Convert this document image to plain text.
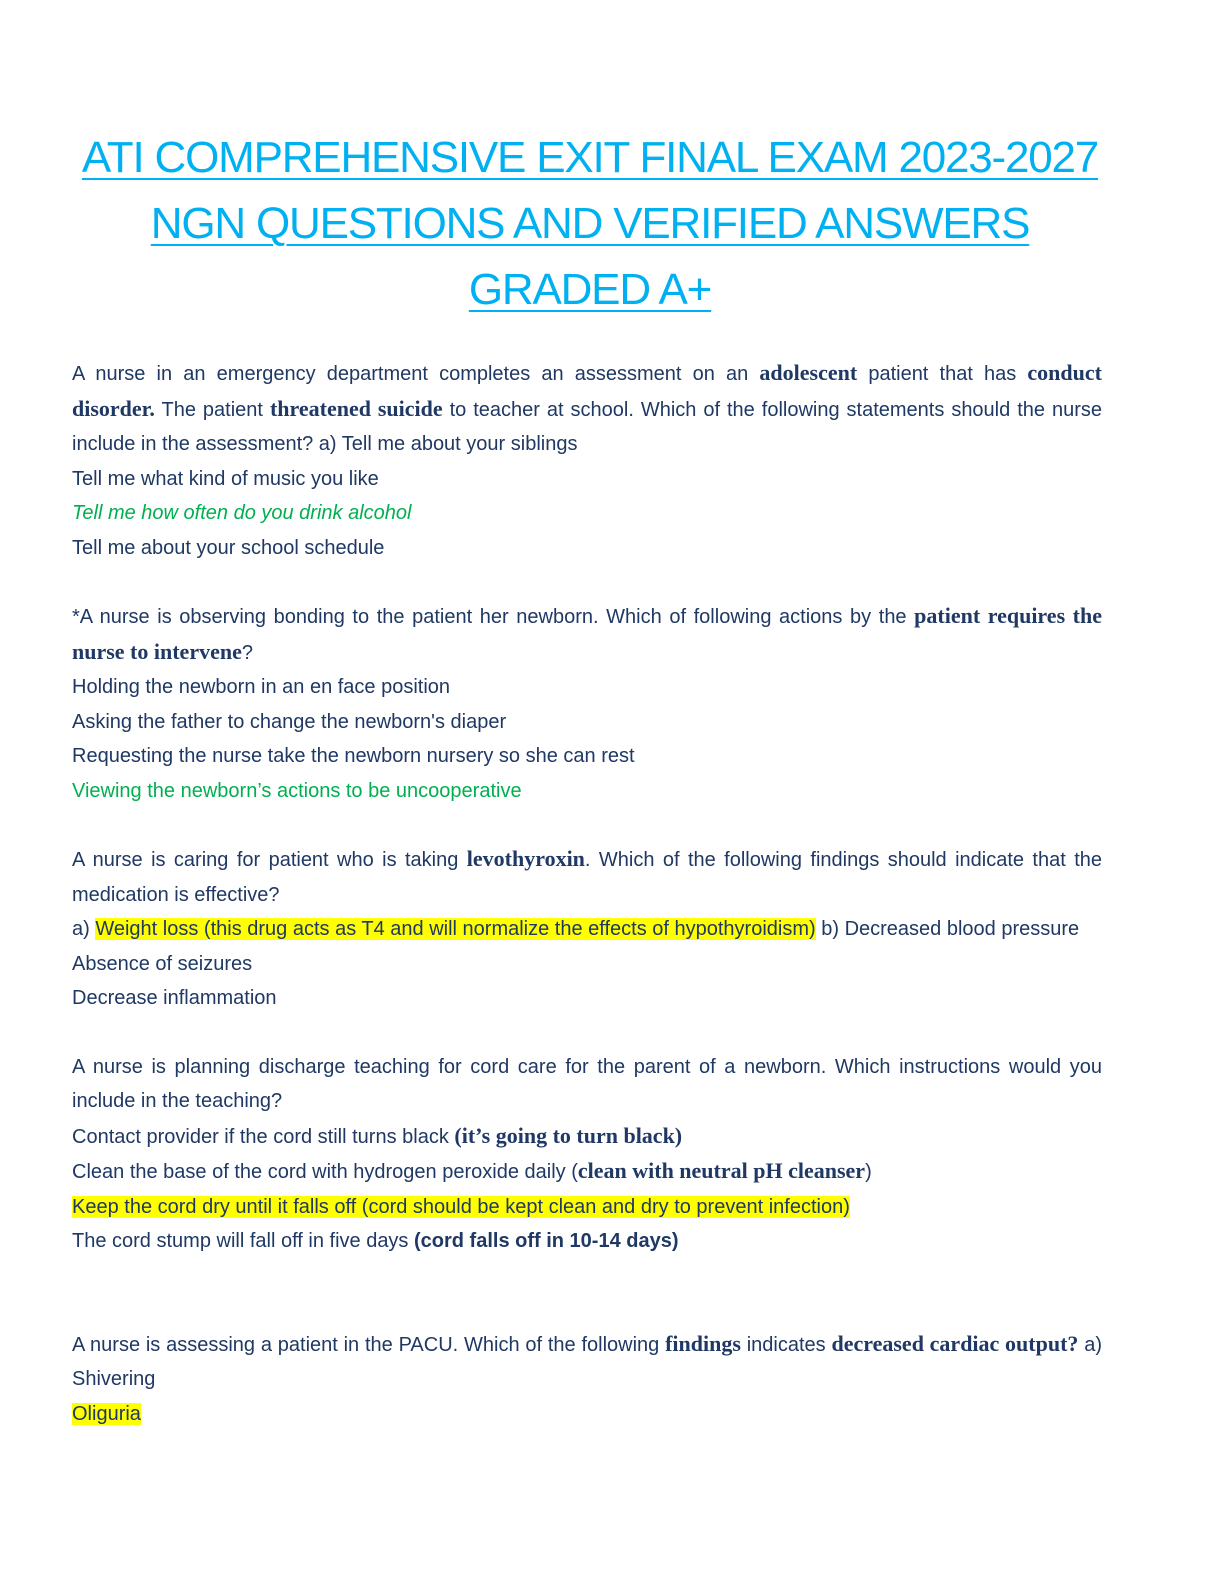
ATI COMPREHENSIVE EXIT FINAL EXAM 2023-2027
NGN QUESTIONS AND VERIFIED ANSWERS
GRADED A+

A nurse in an emergency department completes an assessment on an adolescent patient that has conduct disorder. The patient threatened suicide to teacher at school. Which of the following statements should the nurse include in the assessment? a) Tell me about your siblings

Tell me what kind of music you like

Tell me how often do you drink alcohol

Tell me about your school schedule

*A nurse is observing bonding to the patient her newborn. Which of following actions by the patient requires the nurse to intervene?

Holding the newborn in an en face position

Asking the father to change the newborn's diaper

Requesting the nurse take the newborn nursery so she can rest

Viewing the newborn’s actions to be uncooperative

A nurse is caring for patient who is taking levothyroxin. Which of the following findings should indicate that the medication is effective?

a) Weight loss (this drug acts as T4 and will normalize the effects of hypothyroidism) b) Decreased blood pressure

Absence of seizures

Decrease inflammation

A nurse is planning discharge teaching for cord care for the parent of a newborn. Which instructions would you include in the teaching?

Contact provider if the cord still turns black (it’s going to turn black)

Clean the base of the cord with hydrogen peroxide daily (clean with neutral pH cleanser)

Keep the cord dry until it falls off (cord should be kept clean and dry to prevent infection)

The cord stump will fall off in five days (cord falls off in 10-14 days)

A nurse is assessing a patient in the PACU. Which of the following findings indicates decreased cardiac output? a) Shivering

Oliguria
